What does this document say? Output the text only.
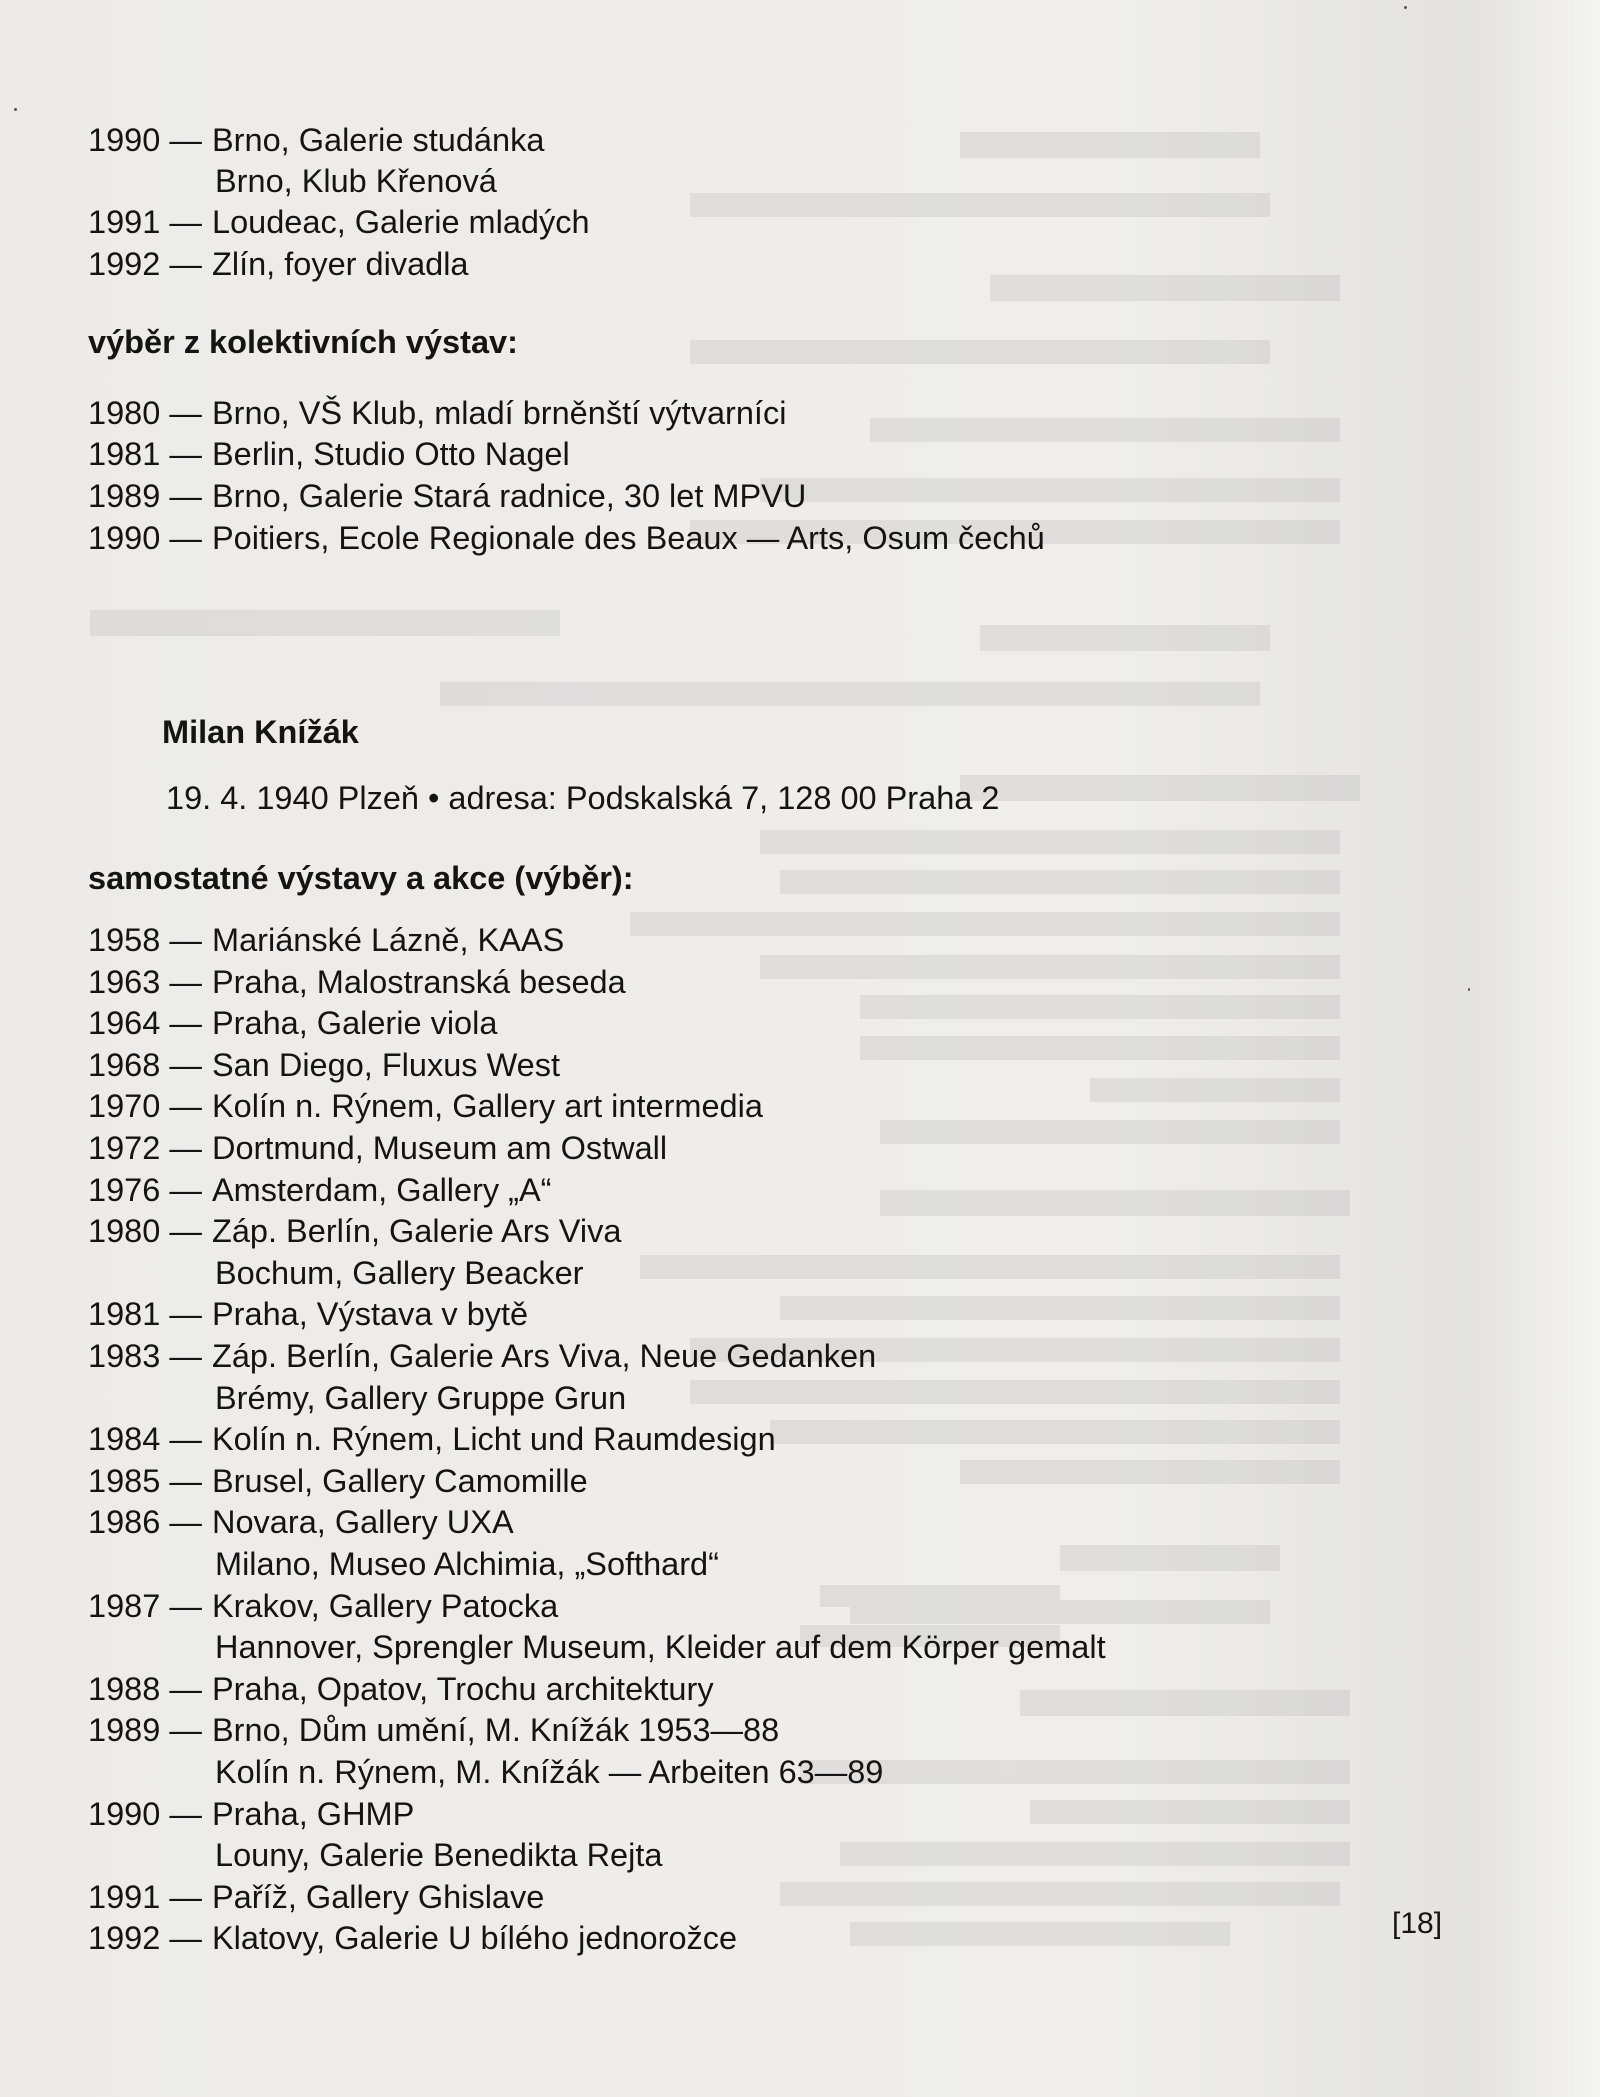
1990 —Brno, Galerie studánka
Brno, Klub Křenová
1991 —Loudeac, Galerie mladých
1992 —Zlín, foyer divadla
výběr z kolektivních výstav:
1980 —Brno, VŠ Klub, mladí brněnští výtvarníci
1981 —Berlin, Studio Otto Nagel
1989 —Brno, Galerie Stará radnice, 30 let MPVU
1990 —Poitiers, Ecole Regionale des Beaux — Arts, Osum čechů
Milan Knížák
19. 4. 1940 Plzeň • adresa: Podskalská 7, 128 00 Praha 2
samostatné výstavy a akce (výběr):
1958 —Mariánské Lázně, KAAS
1963 —Praha, Malostranská beseda
1964 —Praha, Galerie viola
1968 —San Diego, Fluxus West
1970 —Kolín n. Rýnem, Gallery art intermedia
1972 —Dortmund, Museum am Ostwall
1976 —Amsterdam, Gallery „A“
1980 —Záp. Berlín, Galerie Ars Viva
Bochum, Gallery Beacker
1981 —Praha, Výstava v bytě
1983 —Záp. Berlín, Galerie Ars Viva, Neue Gedanken
Brémy, Gallery Gruppe Grun
1984 —Kolín n. Rýnem, Licht und Raumdesign
1985 —Brusel, Gallery Camomille
1986 —Novara, Gallery UXA
Milano, Museo Alchimia, „Softhard“
1987 —Krakov, Gallery Patocka
Hannover, Sprengler Museum, Kleider auf dem Körper gemalt
1988 —Praha, Opatov, Trochu architektury
1989 —Brno, Dům umění, M. Knížák 1953—88
Kolín n. Rýnem, M. Knížák — Arbeiten 63—89
1990 —Praha, GHMP
Louny, Galerie Benedikta Rejta
1991 —Paříž, Gallery Ghislave
1992 —Klatovy, Galerie U bílého jednorožce	[18]
